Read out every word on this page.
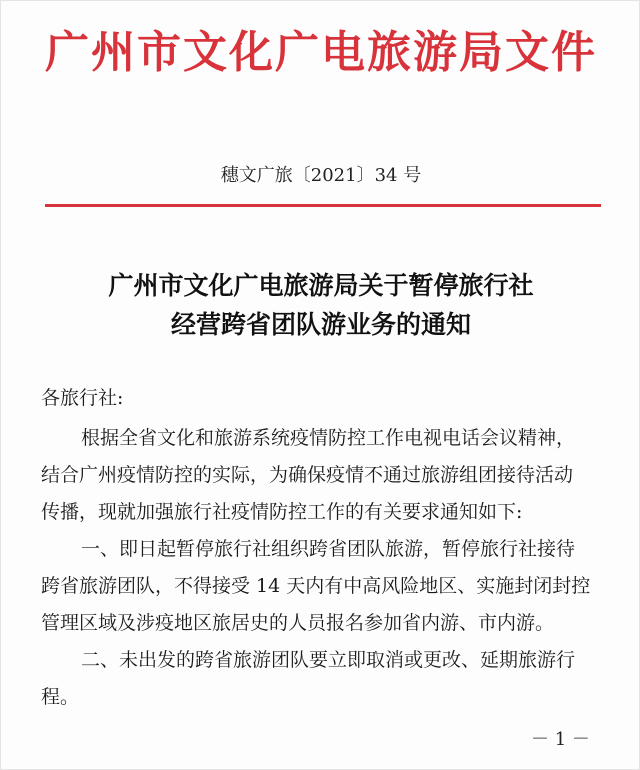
广州市文化广电旅游局文件
穗文广旅〔2021〕34 号
广州市文化广电旅游局关于暂停旅行社
经营跨省团队游业务的通知
各旅行社:
根据全省文化和旅游系统疫情防控工作电视电话会议精神，
结合广州疫情防控的实际，为确保疫情不通过旅游组团接待活动
传播，现就加强旅行社疫情防控工作的有关要求通知如下:
一、即日起暂停旅行社组织跨省团队旅游，暂停旅行社接待
跨省旅游团队，不得接受 14 天内有中高风险地区、实施封闭封控
管理区域及涉疫地区旅居史的人员报名参加省内游、市内游。
二、未出发的跨省旅游团队要立即取消或更改、延期旅游行
程。
－ 1 －
